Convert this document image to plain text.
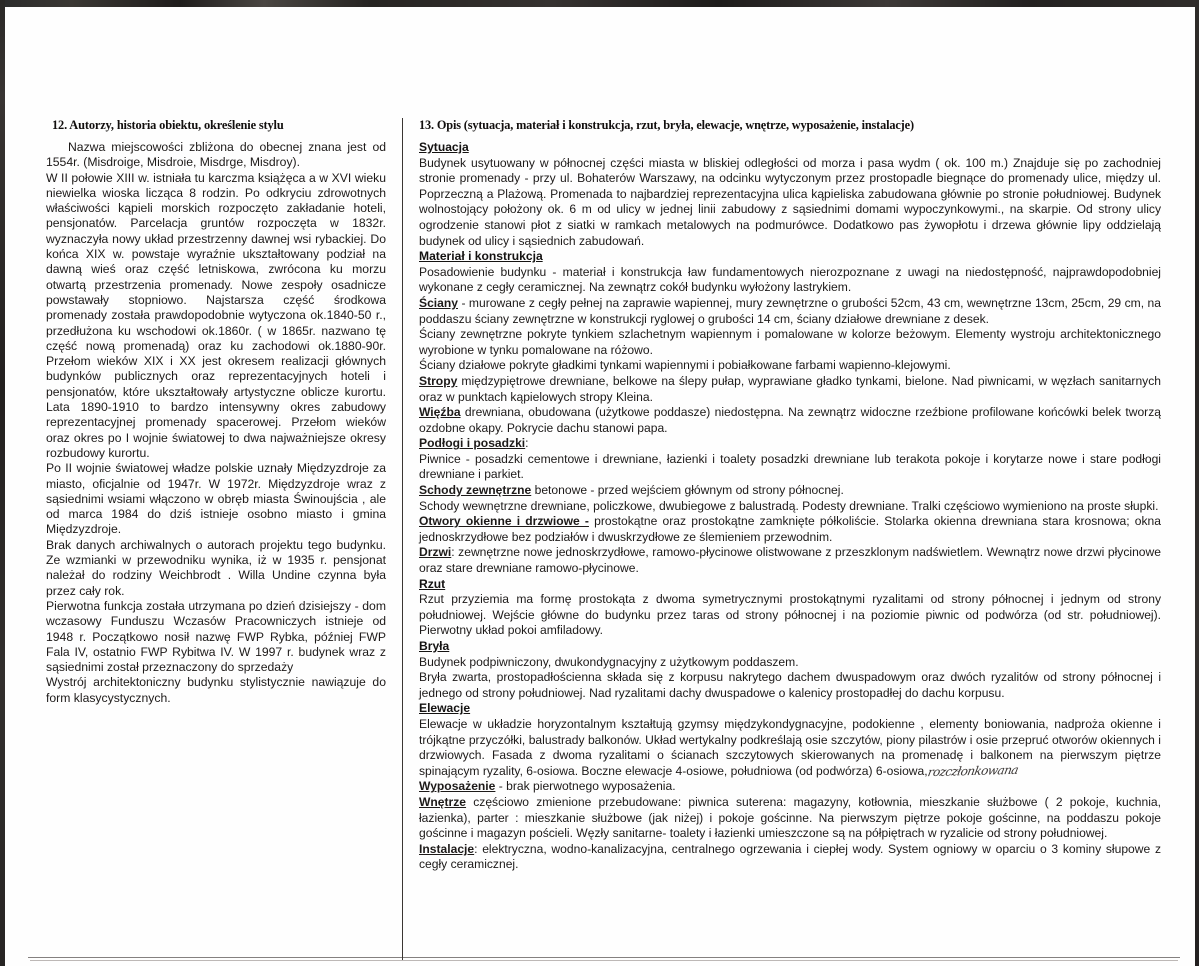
12. Autorzy, historia obiektu, określenie stylu

Nazwa miejscowości zbliżona do obecnej znana jest od 1554r. (Misdroige, Misdroie, Misdrge, Misdroy).

W II połowie XIII w. istniała tu karczma książęca a w XVI wieku niewielka wioska licząca 8 rodzin. Po odkryciu zdrowotnych właściwości kąpieli morskich rozpoczęto zakładanie hoteli, pensjonatów. Parcelacja gruntów rozpoczęta w 1832r. wyznaczyła nowy układ przestrzenny dawnej wsi rybackiej. Do końca XIX w. powstaje wyraźnie ukształtowany podział na dawną wieś oraz część letniskowa, zwrócona ku morzu otwartą przestrzenia promenady. Nowe zespoły osadnicze powstawały stopniowo. Najstarsza część środkowa promenady została prawdopodobnie wytyczona ok.1840-50 r., przedłużona ku wschodowi ok.1860r. ( w 1865r. nazwano tę część nową promenadą) oraz ku zachodowi ok.1880-90r. Przełom wieków XIX i XX jest okresem realizacji głównych budynków publicznych oraz reprezentacyjnych hoteli i pensjonatów, które ukształtowały artystyczne oblicze kurortu. Lata 1890-1910 to bardzo intensywny okres zabudowy reprezentacyjnej promenady spacerowej. Przełom wieków oraz okres po I wojnie światowej to dwa najważniejsze okresy rozbudowy kurortu.

Po II wojnie światowej władze polskie uznały Międzyzdroje za miasto, oficjalnie od 1947r. W 1972r. Międzyzdroje wraz z sąsiednimi wsiami włączono w obręb miasta Świnoujścia , ale od marca 1984 do dziś istnieje osobno miasto i gmina Międzyzdroje.

Brak danych archiwalnych o autorach projektu tego budynku. Ze wzmianki w przewodniku wynika, iż w 1935 r. pensjonat należał do rodziny Weichbrodt . Willa Undine czynna była przez cały rok.

Pierwotna funkcja została utrzymana po dzień dzisiejszy - dom wczasowy Funduszu Wczasów Pracowniczych istnieje od 1948 r. Początkowo nosił nazwę FWP Rybka, później FWP Fala IV, ostatnio FWP Rybitwa IV. W 1997 r. budynek wraz z sąsiednimi został przeznaczony do sprzedaży

Wystrój architektoniczny budynku stylistycznie nawiązuje do form klasycystycznych.

13. Opis (sytuacja, materiał i konstrukcja, rzut, bryła, elewacje, wnętrze, wyposażenie, instalacje)
Sytuacja

Budynek usytuowany w północnej części miasta w bliskiej odległości od morza i pasa wydm ( ok. 100 m.) Znajduje się po zachodniej stronie promenady - przy ul. Bohaterów Warszawy, na odcinku wytyczonym przez prostopadle biegnące do promenady ulice, między ul. Poprzeczną a Plażową. Promenada to najbardziej reprezentacyjna ulica kąpieliska zabudowana głównie po stronie południowej. Budynek wolnostojący położony ok. 6 m od ulicy w jednej linii zabudowy z sąsiednimi domami wypoczynkowymi., na skarpie. Od strony ulicy ogrodzenie stanowi płot z siatki w ramkach metalowych na podmurówce. Dodatkowo pas żywopłotu i drzewa głównie lipy oddzielają budynek od ulicy i sąsiednich zabudowań.

Materiał i konstrukcja

Posadowienie budynku - materiał i konstrukcja ław fundamentowych nierozpoznane z uwagi na niedostępność, najprawdopodobniej wykonane z cegły ceramicznej. Na zewnątrz cokół budynku wyłożony lastrykiem.

Ściany - murowane z cegły pełnej na zaprawie wapiennej, mury zewnętrzne o grubości 52cm, 43 cm, wewnętrzne 13cm, 25cm, 29 cm, na poddaszu ściany zewnętrzne w konstrukcji ryglowej o grubości 14 cm, ściany działowe drewniane z desek.

Ściany zewnętrzne pokryte tynkiem szlachetnym wapiennym i pomalowane w kolorze beżowym. Elementy wystroju architektonicznego wyrobione w tynku pomalowane na różowo.

Ściany działowe pokryte gładkimi tynkami wapiennymi i pobiałkowane farbami wapienno-klejowymi.

Stropy międzypiętrowe drewniane, belkowe na ślepy pułap, wyprawiane gładko tynkami, bielone. Nad piwnicami, w węzłach sanitarnych oraz w punktach kąpielowych stropy Kleina.

Więźba drewniana, obudowana (użytkowe poddasze) niedostępna. Na zewnątrz widoczne rzeźbione profilowane końcówki belek tworzą ozdobne okapy. Pokrycie dachu stanowi papa.

Podłogi i posadzki:

Piwnice - posadzki cementowe i drewniane, łazienki i toalety posadzki drewniane lub terakota pokoje i korytarze nowe i stare podłogi drewniane i parkiet.

Schody zewnętrzne betonowe - przed wejściem głównym od strony północnej.

Schody wewnętrzne drewniane, policzkowe, dwubiegowe z balustradą. Podesty drewniane. Tralki częściowo wymieniono na proste słupki.

Otwory okienne i drzwiowe - prostokątne oraz prostokątne zamknięte półkoliście. Stolarka okienna drewniana stara krosnowa; okna jednoskrzydłowe bez podziałów i dwuskrzydłowe ze ślemieniem przewodnim.

Drzwi: zewnętrzne nowe jednoskrzydłowe, ramowo-płycinowe olistwowane z przeszklonym nadświetlem. Wewnątrz nowe drzwi płycinowe oraz stare drewniane ramowo-płycinowe.

Rzut

Rzut przyziemia ma formę prostokąta z dwoma symetrycznymi prostokątnymi ryzalitami od strony północnej i jednym od strony południowej. Wejście główne do budynku przez taras od strony północnej i na poziomie piwnic od podwórza (od str. południowej). Pierwotny układ pokoi amfiladowy.

Bryła

Budynek podpiwniczony, dwukondygnacyjny z użytkowym poddaszem.

Bryła zwarta, prostopadłościenna składa się z korpusu nakrytego dachem dwuspadowym oraz dwóch ryzalitów od strony północnej i jednego od strony południowej. Nad ryzalitami dachy dwuspadowe o kalenicy prostopadłej do dachu korpusu.

Elewacje

Elewacje w układzie horyzontalnym kształtują gzymsy międzykondygnacyjne, podokienne , elementy boniowania, nadproża okienne i trójkątne przyczółki, balustrady balkonów. Układ wertykalny podkreślają osie szczytów, piony pilastrów i osie przepruć otworów okiennych i drzwiowych. Fasada z dwoma ryzalitami o ścianach szczytowych skierowanych na promenadę i balkonem na pierwszym piętrze spinającym ryzality, 6-osiowa. Boczne elewacje 4-osiowe, południowa (od podwórza) 6-osiowa,rozczłonkowana

Wyposażenie - brak pierwotnego wyposażenia.

Wnętrze częściowo zmienione przebudowane: piwnica suterena: magazyny, kotłownia, mieszkanie służbowe ( 2 pokoje, kuchnia, łazienka), parter : mieszkanie służbowe (jak niżej) i pokoje gościnne. Na pierwszym piętrze pokoje gościnne, na poddaszu pokoje gościnne i magazyn pościeli. Węzły sanitarne- toalety i łazienki umieszczone są na półpiętrach w ryzalicie od strony południowej.

Instalacje: elektryczna, wodno-kanalizacyjna, centralnego ogrzewania i ciepłej wody. System ogniowy w oparciu o 3 kominy słupowe z cegły ceramicznej.
